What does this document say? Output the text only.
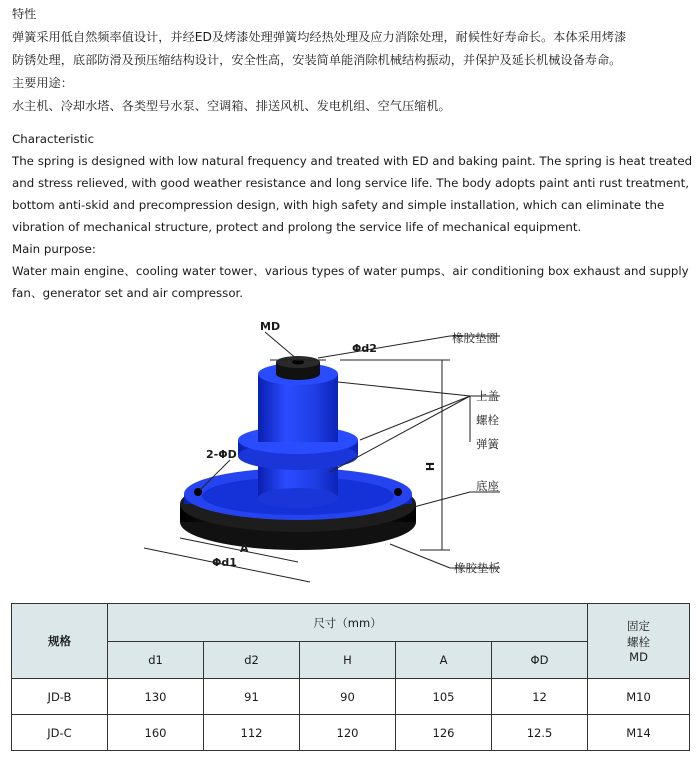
特性
弹簧采用低自然频率值设计，并经ED及烤漆处理弹簧均经热处理及应力消除处理，耐候性好寿命长。本体采用烤漆
防锈处理，底部防滑及预压缩结构设计，安全性高，安装简单能消除机械结构振动，并保护及延长机械设备寿命。
主要用途：
水主机、冷却水塔、各类型号水泵、空调箱、排送风机、发电机组、空气压缩机。
Characteristic
The spring is designed with low natural frequency and treated with ED and baking paint. The spring is heat treated
and stress relieved, with good weather resistance and long service life. The body adopts paint anti rust treatment,
bottom anti-skid and precompression design, with high safety and simple installation, which can eliminate the
vibration of mechanical structure, protect and prolong the service life of mechanical equipment.
Main purpose:
Water main engine、cooling water tower、various types of water pumps、air conditioning box exhaust and supply
fan、generator set and air compressor.
MD
Φd2
橡胶垫圈
上盖
螺栓
弹簧
H
2-ΦD
底座
A
Φd1	橡胶垫板
规格	尺寸（mm）					固定
螺栓
MD

	d1	d2	H	A	ΦD	
JD-B	130	91	90	105	12	M10
JD-C	160	112	120	126	12.5	M14
